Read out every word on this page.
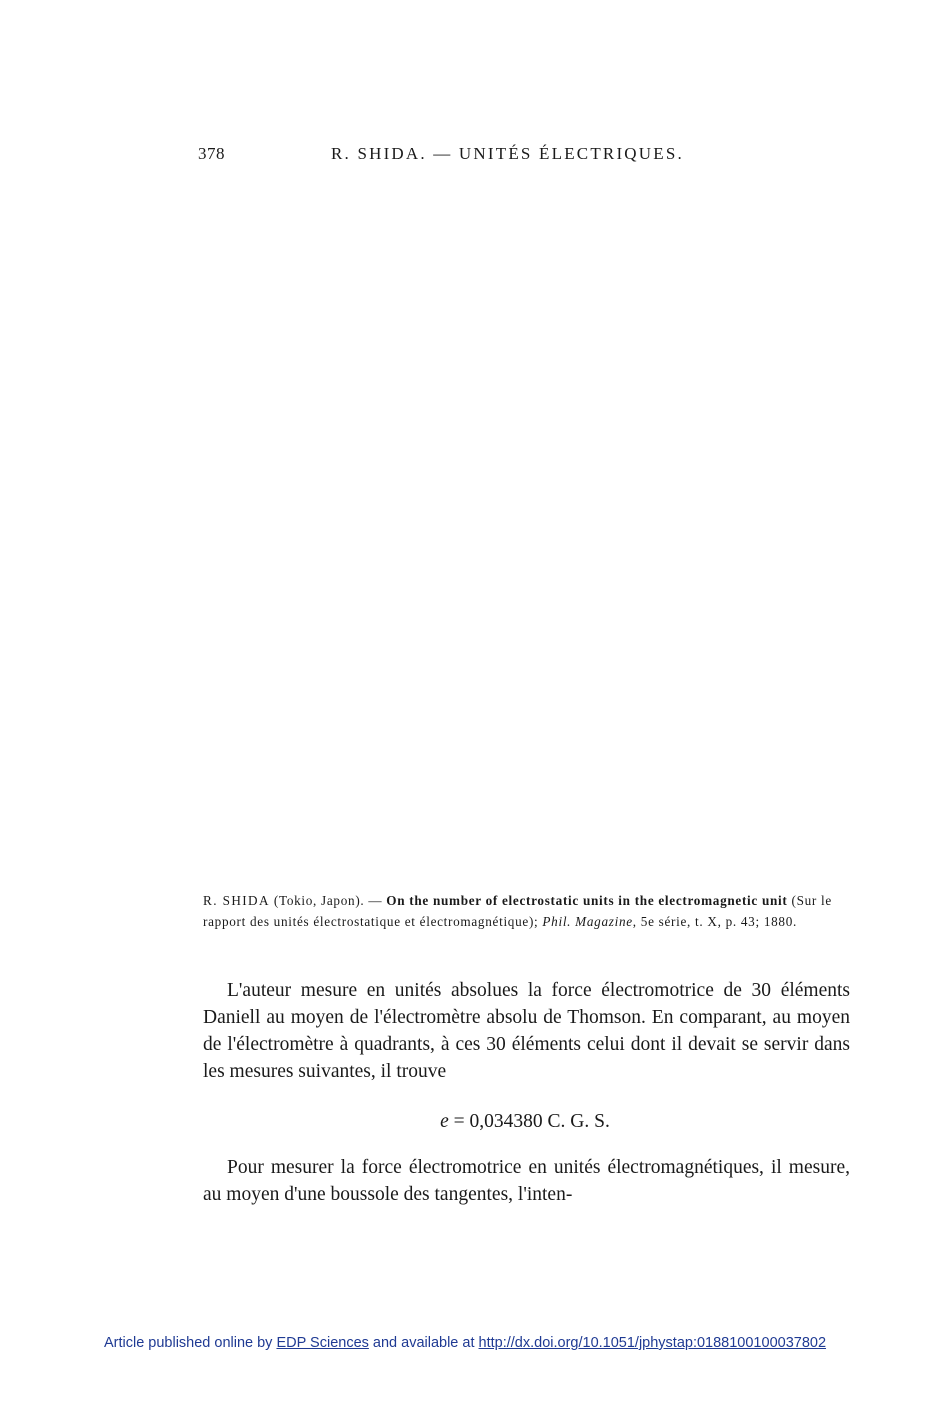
378	R. SHIDA. — UNITÉS ÉLECTRIQUES.
R. SHIDA (Tokio, Japon). — On the number of electrostatic units in the electromagnetic unit (Sur le rapport des unités électrostatique et électromagnétique); Phil. Magazine, 5e série, t. X, p. 43; 1880.

L'auteur mesure en unités absolues la force électromotrice de 30 éléments Daniell au moyen de l'électromètre absolu de Thomson. En comparant, au moyen de l'électromètre à quadrants, à ces 30 éléments celui dont il devait se servir dans les mesures suivantes, il trouve

e = 0,034380 C. G. S.

Pour mesurer la force électromotrice en unités électromagnétiques, il mesure, au moyen d'une boussole des tangentes, l'inten-

Article published online by EDP Sciences and available at http://dx.doi.org/10.1051/jphystap:0188100100037802
